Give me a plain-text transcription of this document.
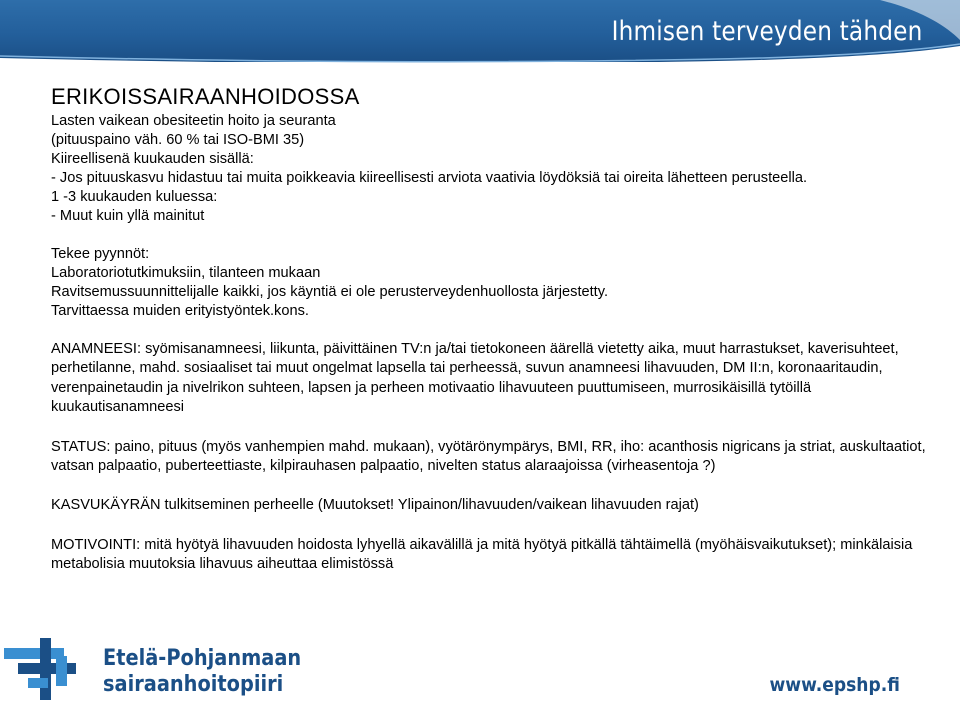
Ihmisen terveyden tähden
ERIKOISSAIRAANHOIDOSSA
Lasten vaikean obesiteetin hoito ja seuranta
(pituuspaino väh. 60 % tai ISO-BMI 35)
Kiireellisenä kuukauden sisällä:
- Jos pituuskasvu hidastuu tai muita poikkeavia kiireellisesti arviota vaativia löydöksiä tai oireita lähetteen perusteella.
1 -3 kuukauden kuluessa:
- Muut kuin yllä mainitut
Tekee pyynnöt:
Laboratoriotutkimuksiin, tilanteen mukaan
Ravitsemussuunnittelijalle kaikki, jos käyntiä ei ole perusterveydenhuollosta järjestetty.
Tarvittaessa muiden erityistyöntek.kons.
ANAMNEESI: syömisanamneesi, liikunta, päivittäinen TV:n ja/tai tietokoneen äärellä vietetty aika, muut harrastukset, kaverisuhteet, perhetilanne, mahd. sosiaaliset tai muut ongelmat lapsella tai perheessä, suvun anamneesi lihavuuden, DM II:n, koronaaritaudin, verenpainetaudin ja nivelrikon suhteen, lapsen ja perheen motivaatio lihavuuteen puuttumiseen, murrosikäisillä tytöillä kuukautisanamneesi
STATUS: paino, pituus (myös vanhempien mahd. mukaan), vyötärönympärys, BMI, RR, iho: acanthosis nigricans ja striat, auskultaatiot, vatsan palpaatio, puberteettiaste, kilpirauhasen palpaatio, nivelten status alaraajoissa (virheasentoja ?)
KASVUKÄYRÄN tulkitseminen perheelle (Muutokset! Ylipainon/lihavuuden/vaikean lihavuuden rajat)
MOTIVOINTI: mitä hyötyä lihavuuden hoidosta lyhyellä aikavälillä ja mitä hyötyä pitkällä tähtäimellä (myöhäisvaikutukset); minkälaisia metabolisia muutoksia lihavuus aiheuttaa elimistössä
Etelä-Pohjanmaan
sairaanhoitopiiri	www.epshp.fi
